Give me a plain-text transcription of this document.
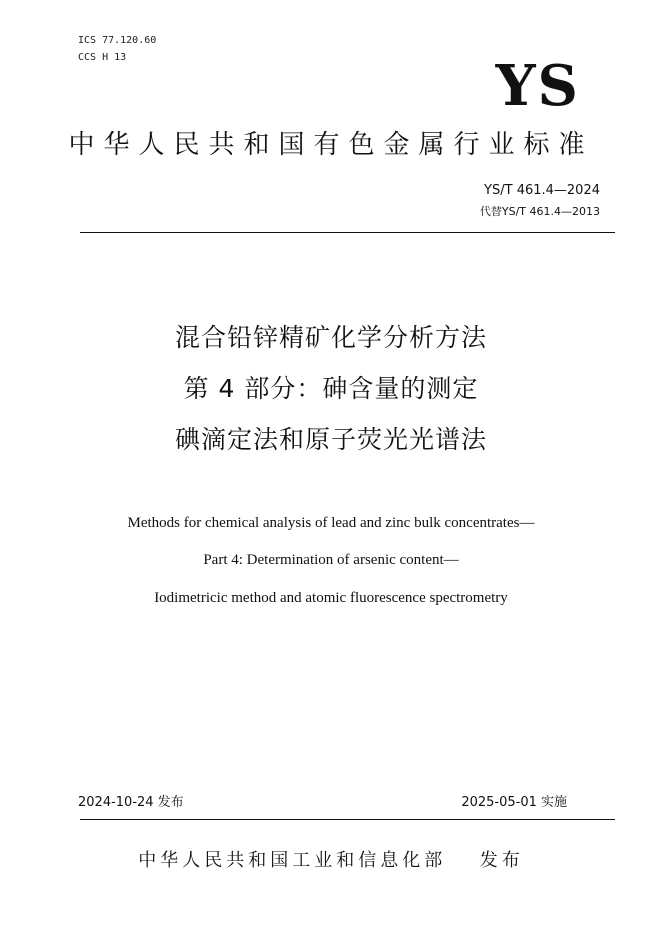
ICS 77.120.60
CCS H 13	YS
中华人民共和国有色金属行业标准
YS/T 461.4—2024
代替YS/T 461.4—2013
混合铅锌精矿化学分析方法
第 4 部分：砷含量的测定
碘滴定法和原子荧光光谱法
Methods for chemical analysis of lead and zinc bulk concentrates—
Part 4: Determination of arsenic content—
Iodimetricic method and atomic fluorescence spectrometry
2024-10-24 发布	2025-05-01 实施
中华人民共和国工业和信息化部 发布
